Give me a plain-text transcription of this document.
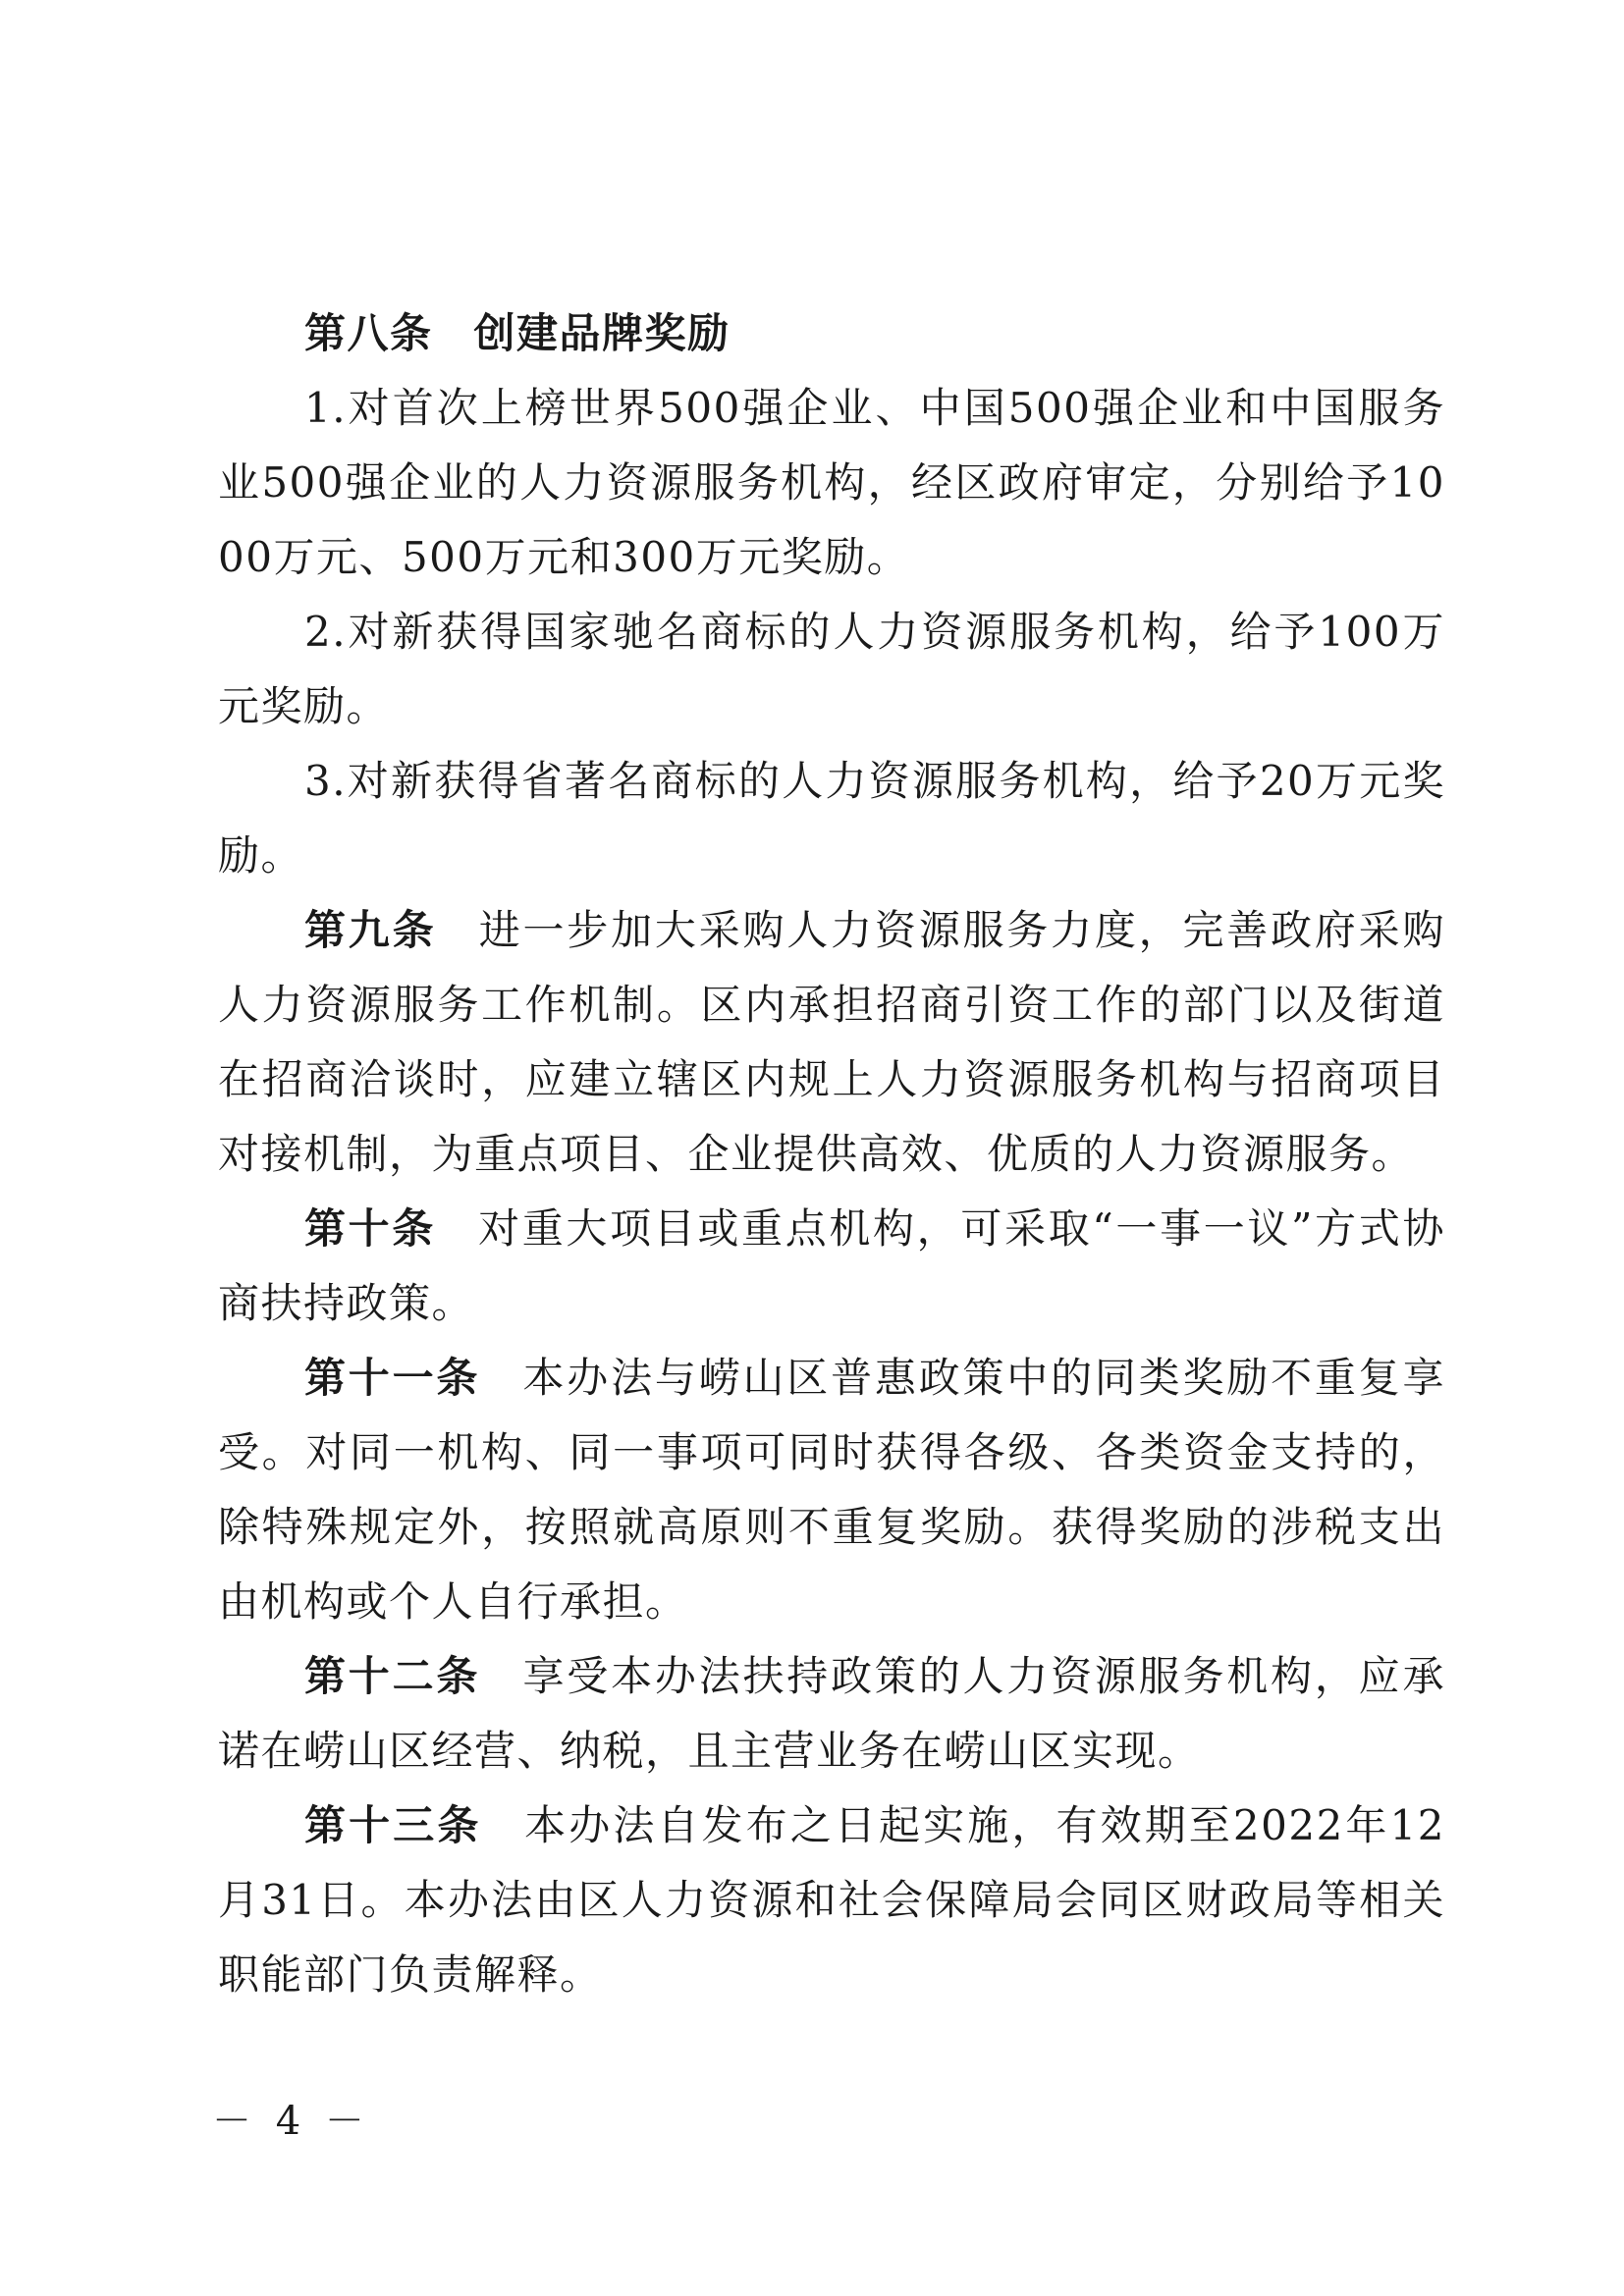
第八条 创建品牌奖励

1.对首次上榜世界500强企业、中国500强企业和中国服务业500强企业的人力资源服务机构，经区政府审定，分别给予1000万元、500万元和300万元奖励。

2.对新获得国家驰名商标的人力资源服务机构，给予100万元奖励。

3.对新获得省著名商标的人力资源服务机构，给予20万元奖励。

第九条 进一步加大采购人力资源服务力度，完善政府采购人力资源服务工作机制。区内承担招商引资工作的部门以及街道在招商洽谈时，应建立辖区内规上人力资源服务机构与招商项目对接机制，为重点项目、企业提供高效、优质的人力资源服务。

第十条 对重大项目或重点机构，可采取“一事一议”方式协商扶持政策。

第十一条 本办法与崂山区普惠政策中的同类奖励不重复享受。对同一机构、同一事项可同时获得各级、各类资金支持的，除特殊规定外，按照就高原则不重复奖励。获得奖励的涉税支出由机构或个人自行承担。

第十二条 享受本办法扶持政策的人力资源服务机构，应承诺在崂山区经营、纳税，且主营业务在崂山区实现。

第十三条 本办法自发布之日起实施，有效期至2022年12月31日。本办法由区人力资源和社会保障局会同区财政局等相关职能部门负责解释。

－ 4 －
